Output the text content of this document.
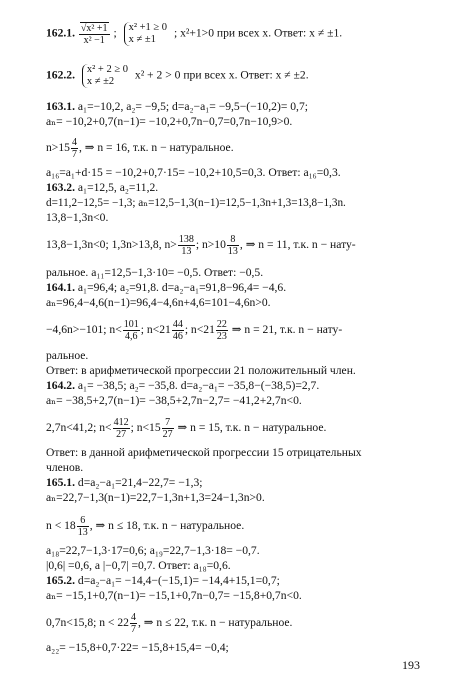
162.1. $\frac{\text{√x² +1}}{\text{x² −1}}$ ; x² +1 ≥ 0
x ≠ ±1	; x²+1>0 при всех x. Ответ: x ≠ ±1.
162.2. x² + 2 ≥ 0
x ≠ ±2	x² + 2 > 0 при всех x. Ответ: x ≠ ±2.
163.1. a₁=−10,2, a₂= −9,5; d=a₂−a₁= −9,5−(−10,2)= 0,7;
aₙ= −10,2+0,7(n−1)= −10,2+0,7n−0,7=0,7n−10,9>0.
$n>15 \frac{4}{7}$ , ⇒ n = 16, т.к. n − натуральное.
a₁₆=a₁+d·15 = −10,2+0,7·15= −10,2+10,5=0,3. Ответ: a₁₆=0,3.
163.2. a₁=12,5, a₂=11,2.
d=11,2−12,5= −1,3; aₙ=12,5−1,3(n−1)=12,5−1,3n+1,3=13,8−1,3n.
13,8−1,3n<0.
13,8−1,3n<0; 1,3n>13,8, $n> \frac{138}{13}$ ; $n>10 \frac{8}{13}$ , ⇒ n = 11, т.к. n − нату-
ральное. a₁₁=12,5−1,3·10= −0,5. Ответ: −0,5.
164.1. a₁=96,4; a₂=91,8. d=a₂−a₁=91,8−96,4= −4,6.
aₙ=96,4−4,6(n−1)=96,4−4,6n+4,6=101−4,6n>0.
−4,6n>−101; $n< \frac{101}{4,6}$ ; $n<21 \frac{44}{46}$ ; $n<21 \frac{22}{23}$ ⇒ n = 21, т.к. n − нату-
ральное.
Ответ: в арифметической прогрессии 21 положительный член.
164.2. a₁= −38,5; a₂= −35,8. d=a₂−a₁= −35,8−(−38,5)=2,7.
aₙ= −38,5+2,7(n−1)= −38,5+2,7n−2,7= −41,2+2,7n<0.
2,7n<41,2; $n< \frac{412}{27}$ ; $n<15 \frac{7}{27}$ ⇒ n = 15, т.к. n − натуральное.
Ответ: в данной арифметической прогрессии 15 отрицательных
членов.
165.1. d=a₂−a₁=21,4−22,7= −1,3;
aₙ=22,7−1,3(n−1)=22,7−1,3n+1,3=24−1,3n>0.
$n < 18 \frac{6}{13}$ , ⇒ n ≤ 18, т.к. n − натуральное.
a₁₈=22,7−1,3·17=0,6; a₁₉=22,7−1,3·18= −0,7.
|0,6| =0,6, а |−0,7| =0,7. Ответ: a₁₈=0,6.
165.2. d=a₂−a₁= −14,4−(−15,1)= −14,4+15,1=0,7;
aₙ= −15,1+0,7(n−1)= −15,1+0,7n−0,7= −15,8+0,7n<0.
0,7n<15,8; $n < 22 \frac{4}{7}$ , ⇒ n ≤ 22, т.к. n − натуральное.
a₂₂= −15,8+0,7·22= −15,8+15,4= −0,4;
193
